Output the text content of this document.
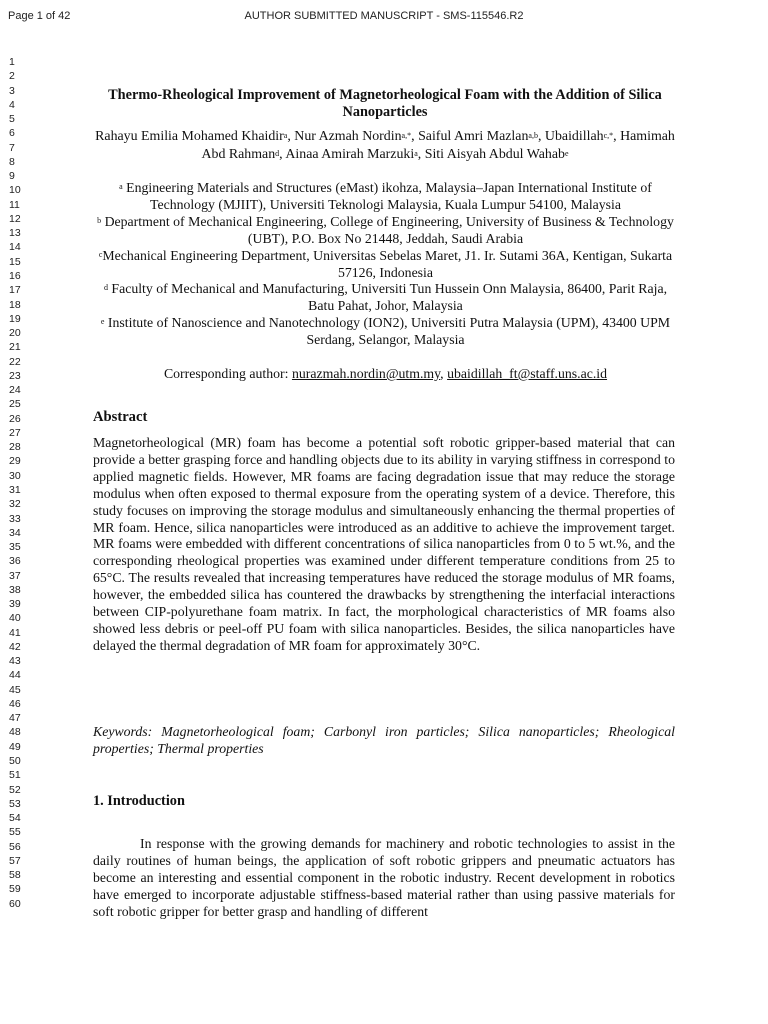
Page 1 of 42	AUTHOR SUBMITTED MANUSCRIPT - SMS-115546.R2
1
2
3
4
5
6
7
8
9
10
11
12
13
14
15
16
17
18
19
20
21
22
23
24
25
26
27
28
29
30
31
32
33
34
35
36
37
38
39
40
41
42
43
44
45
46
47
48
49
50
51
52
53
54
55
56
57
58
59
60
Thermo-Rheological Improvement of Magnetorheological Foam with the Addition of Silica Nanoparticles
Rahayu Emilia Mohamed Khaidir$^a$, Nur Azmah Nordin$^{a,*}$, Saiful Amri Mazlan$^{a,b}$, Ubaidillah$^{c,*}$, Hamimah Abd Rahman$^d$, Ainaa Amirah Marzuki$^a$, Siti Aisyah Abdul Wahab$^e$
$^a$ Engineering Materials and Structures (eMast) ikohza, Malaysia–Japan International Institute of Technology (MJIIT), Universiti Teknologi Malaysia, Kuala Lumpur 54100, Malaysia
$^b$ Department of Mechanical Engineering, College of Engineering, University of Business & Technology (UBT), P.O. Box No 21448, Jeddah, Saudi Arabia
$^c$Mechanical Engineering Department, Universitas Sebelas Maret, J1. Ir. Sutami 36A, Kentigan, Sukarta 57126, Indonesia
$^d$ Faculty of Mechanical and Manufacturing, Universiti Tun Hussein Onn Malaysia, 86400, Parit Raja, Batu Pahat, Johor, Malaysia
$^e$ Institute of Nanoscience and Nanotechnology (ION2), Universiti Putra Malaysia (UPM), 43400 UPM Serdang, Selangor, Malaysia
Corresponding author: nurazmah.nordin@utm.my, ubaidillah_ft@staff.uns.ac.id
Abstract
Magnetorheological (MR) foam has become a potential soft robotic gripper-based material that can provide a better grasping force and handling objects due to its ability in varying stiffness in correspond to applied magnetic fields. However, MR foams are facing degradation issue that may reduce the storage modulus when often exposed to thermal exposure from the operating system of a device. Therefore, this study focuses on improving the storage modulus and simultaneously enhancing the thermal properties of MR foam. Hence, silica nanoparticles were introduced as an additive to achieve the improvement target. MR foams were embedded with different concentrations of silica nanoparticles from 0 to 5 wt.%, and the corresponding rheological properties was examined under different temperature conditions from 25 to 65°C. The results revealed that increasing temperatures have reduced the storage modulus of MR foams, however, the embedded silica has countered the drawbacks by strengthening the interfacial interactions between CIP-polyurethane foam matrix. In fact, the morphological characteristics of MR foams also showed less debris or peel-off PU foam with silica nanoparticles. Besides, the silica nanoparticles have delayed the thermal degradation of MR foam for approximately 30°C.
Keywords: Magnetorheological foam; Carbonyl iron particles; Silica nanoparticles; Rheological properties; Thermal properties
1. Introduction
In response with the growing demands for machinery and robotic technologies to assist in the daily routines of human beings, the application of soft robotic grippers and pneumatic actuators has become an interesting and essential component in the robotic industry. Recent development in robotics have emerged to incorporate adjustable stiffness-based material rather than using passive materials for soft robotic gripper for better grasp and handling of different
